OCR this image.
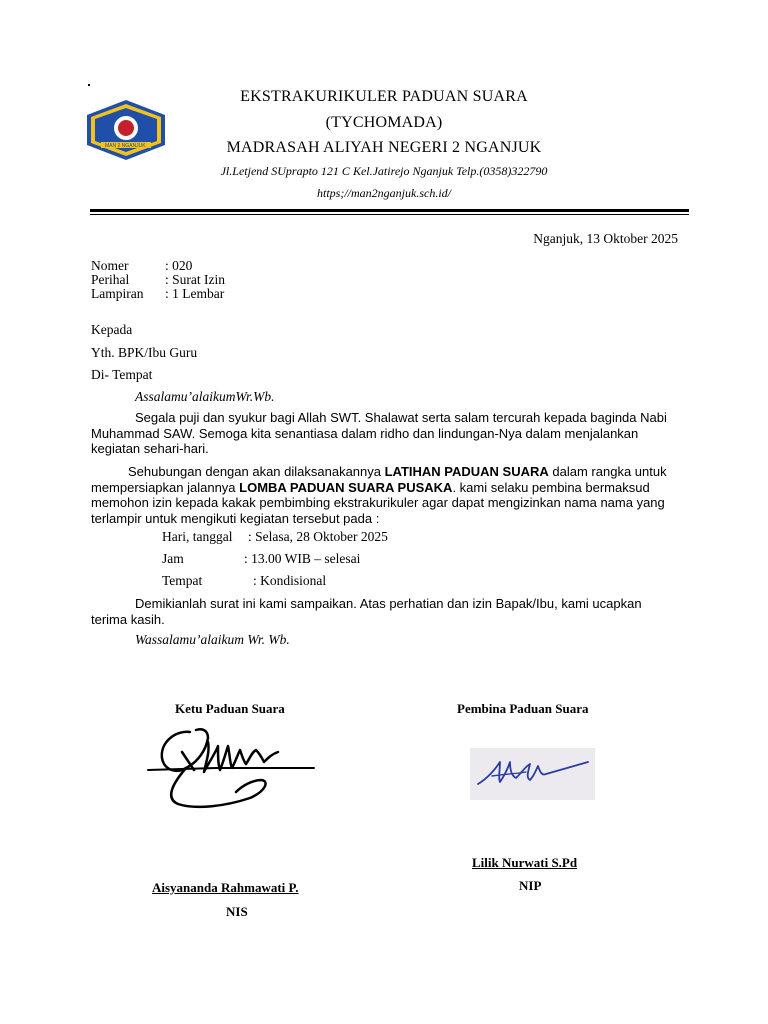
MAN 2 NGANJUK
EKSTRAKURIKULER PADUAN SUARA
(TYCHOMADA)
MADRASAH ALIYAH NEGERI 2 NGANJUK
Jl.Letjend SUprapto 121 C Kel.Jatirejo Nganjuk Telp.(0358)322790
https;//man2nganjuk.sch.id/
Nganjuk, 13 Oktober 2025
Nomer	: 020
Perihal	: Surat Izin
Lampiran : 1 Lembar
Kepada
Yth. BPK/Ibu Guru
Di- Tempat
Assalamu’alaikumWr.Wb.
Segala puji dan syukur bagi Allah SWT. Shalawat serta salam tercurah kepada baginda Nabi Muhammad SAW. Semoga kita senantiasa dalam ridho dan lindungan-Nya dalam menjalankan kegiatan sehari-hari.
Sehubungan dengan akan dilaksanakannya LATIHAN PADUAN SUARA dalam rangka untuk mempersiapkan jalannya LOMBA PADUAN SUARA PUSAKA. kami selaku pembina bermaksud memohon izin kepada kakak pembimbing ekstrakurikuler agar dapat mengizinkan nama nama yang terlampir untuk mengikuti kegiatan tersebut pada :
Hari, tanggal : Selasa, 28 Oktober 2025
Jam	: 13.00 WIB – selesai
Tempat	: Kondisional
Demikianlah surat ini kami sampaikan. Atas perhatian dan izin Bapak/Ibu, kami ucapkan terima kasih.
Wassalamu’alaikum Wr. Wb.
Ketu Paduan Suara	Pembina Paduan Suara
Lilik Nurwati S.Pd
NIP
Aisyananda Rahmawati P.
NIS
